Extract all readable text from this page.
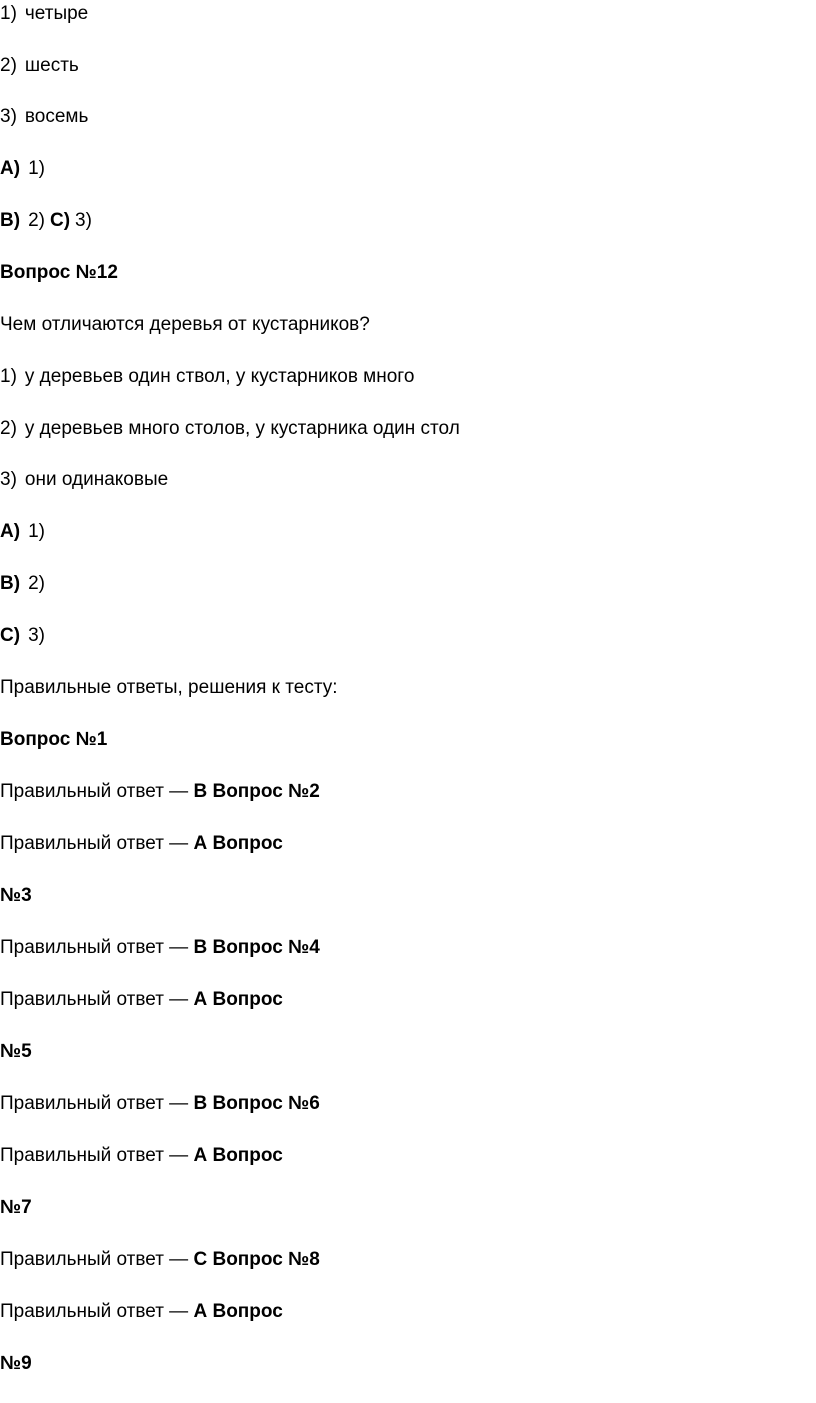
1) четыре
2) шесть
3) восемь
А) 1)
В) 2) С) 3)
Вопрос №12
Чем отличаются деревья от кустарников?
1) у деревьев один ствол, у кустарников много
2) у деревьев много столов, у кустарника один стол
3) они одинаковые
А) 1)
В) 2)
С) 3)
Правильные ответы, решения к тесту:
Вопрос №1
Правильный ответ — В Вопрос №2
Правильный ответ — А Вопрос
№3
Правильный ответ — В Вопрос №4
Правильный ответ — А Вопрос
№5
Правильный ответ — В Вопрос №6
Правильный ответ — А Вопрос
№7
Правильный ответ — С Вопрос №8
Правильный ответ — А Вопрос
№9
